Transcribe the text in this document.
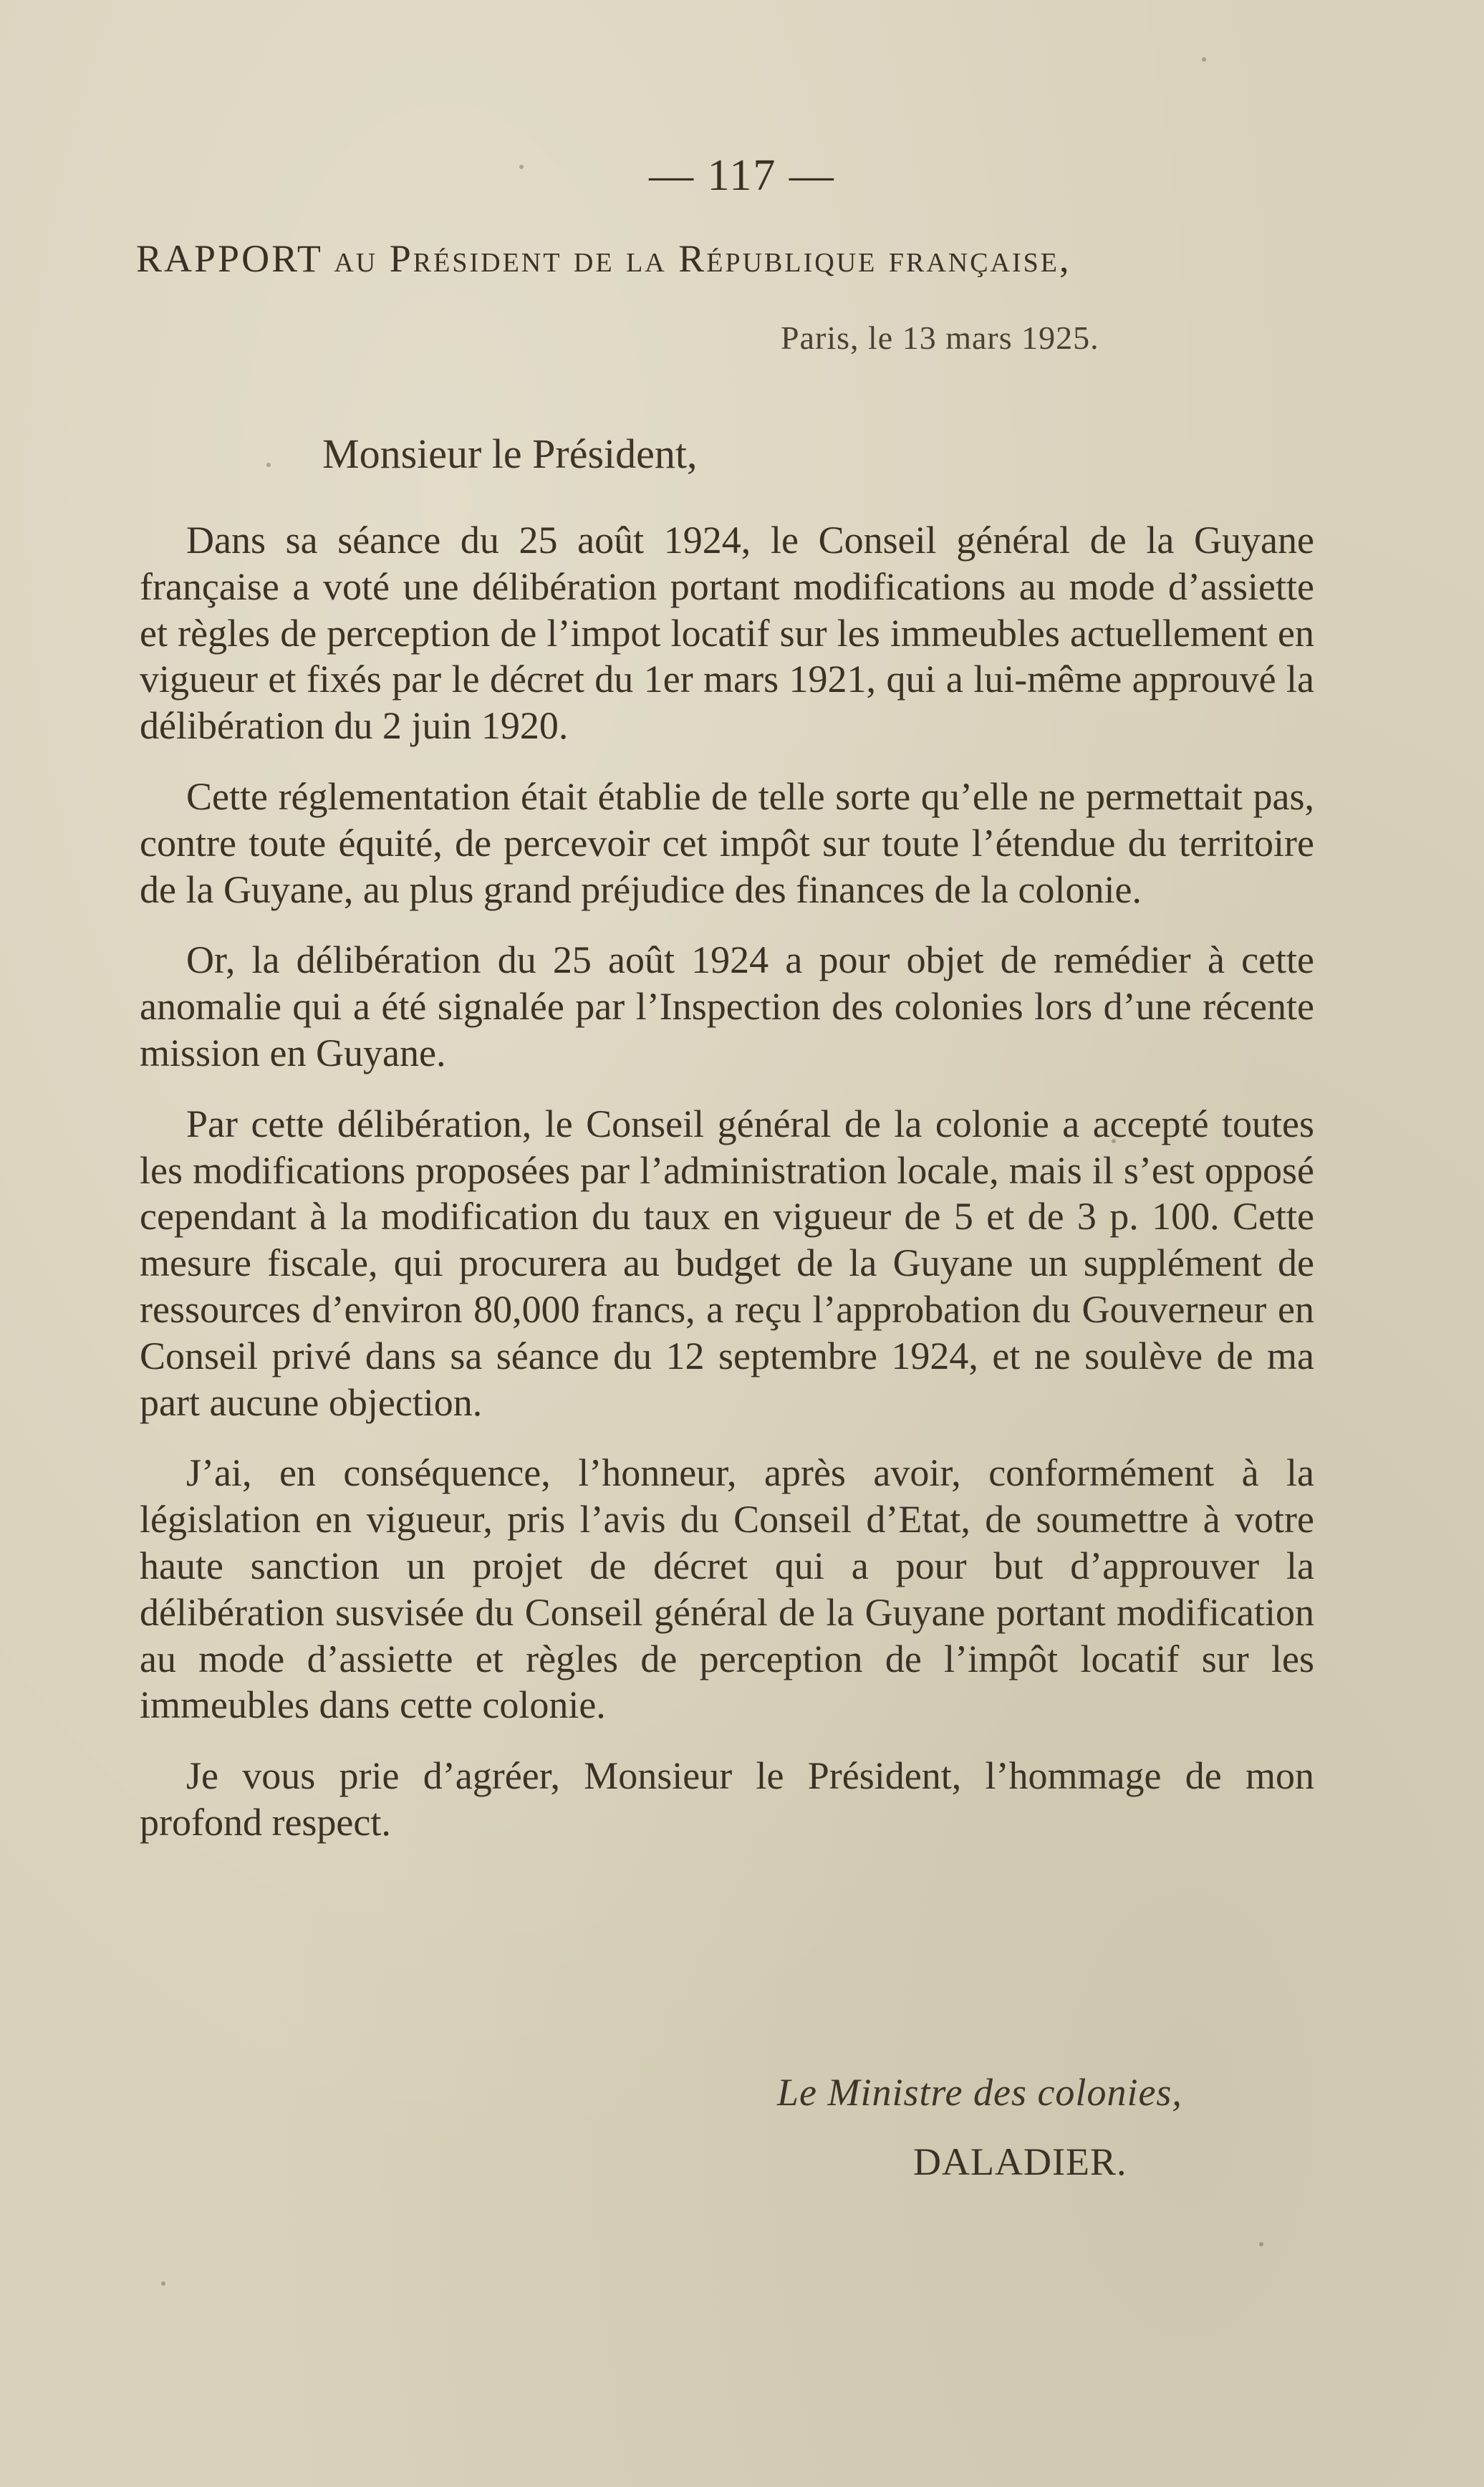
— 117 —
RAPPORT au Président de la République française,
Paris, le 13 mars 1925.
Monsieur le Président,

Dans sa séance du 25 août 1924, le Conseil général de la Guyane française a voté une délibération portant modifications au mode d’assiette et règles de perception de l’impot locatif sur les immeubles actuellement en vigueur et fixés par le décret du 1er mars 1921, qui a lui-même approuvé la délibération du 2 juin 1920.

Cette réglementation était établie de telle sorte qu’elle ne permettait pas, contre toute équité, de percevoir cet impôt sur toute l’étendue du territoire de la Guyane, au plus grand préjudice des finances de la colonie.

Or, la délibération du 25 août 1924 a pour objet de remédier à cette anomalie qui a été signalée par l’Inspection des colonies lors d’une récente mission en Guyane.

Par cette délibération, le Conseil général de la colonie a accepté toutes les modifications proposées par l’administration locale, mais il s’est opposé cependant à la modification du taux en vigueur de 5 et de 3 p. 100. Cette mesure fiscale, qui procurera au budget de la Guyane un supplément de ressources d’environ 80,000 francs, a reçu l’approbation du Gouverneur en Conseil privé dans sa séance du 12 septembre 1924, et ne soulève de ma part aucune objection.

J’ai, en conséquence, l’honneur, après avoir, conformément à la législation en vigueur, pris l’avis du Conseil d’Etat, de soumettre à votre haute sanction un projet de décret qui a pour but d’approuver la délibération susvisée du Conseil général de la Guyane portant modification au mode d’assiette et règles de perception de l’impôt locatif sur les immeubles dans cette colonie.

Je vous prie d’agréer, Monsieur le Président, l’hommage de mon profond respect.

Le Ministre des colonies,
DALADIER.
